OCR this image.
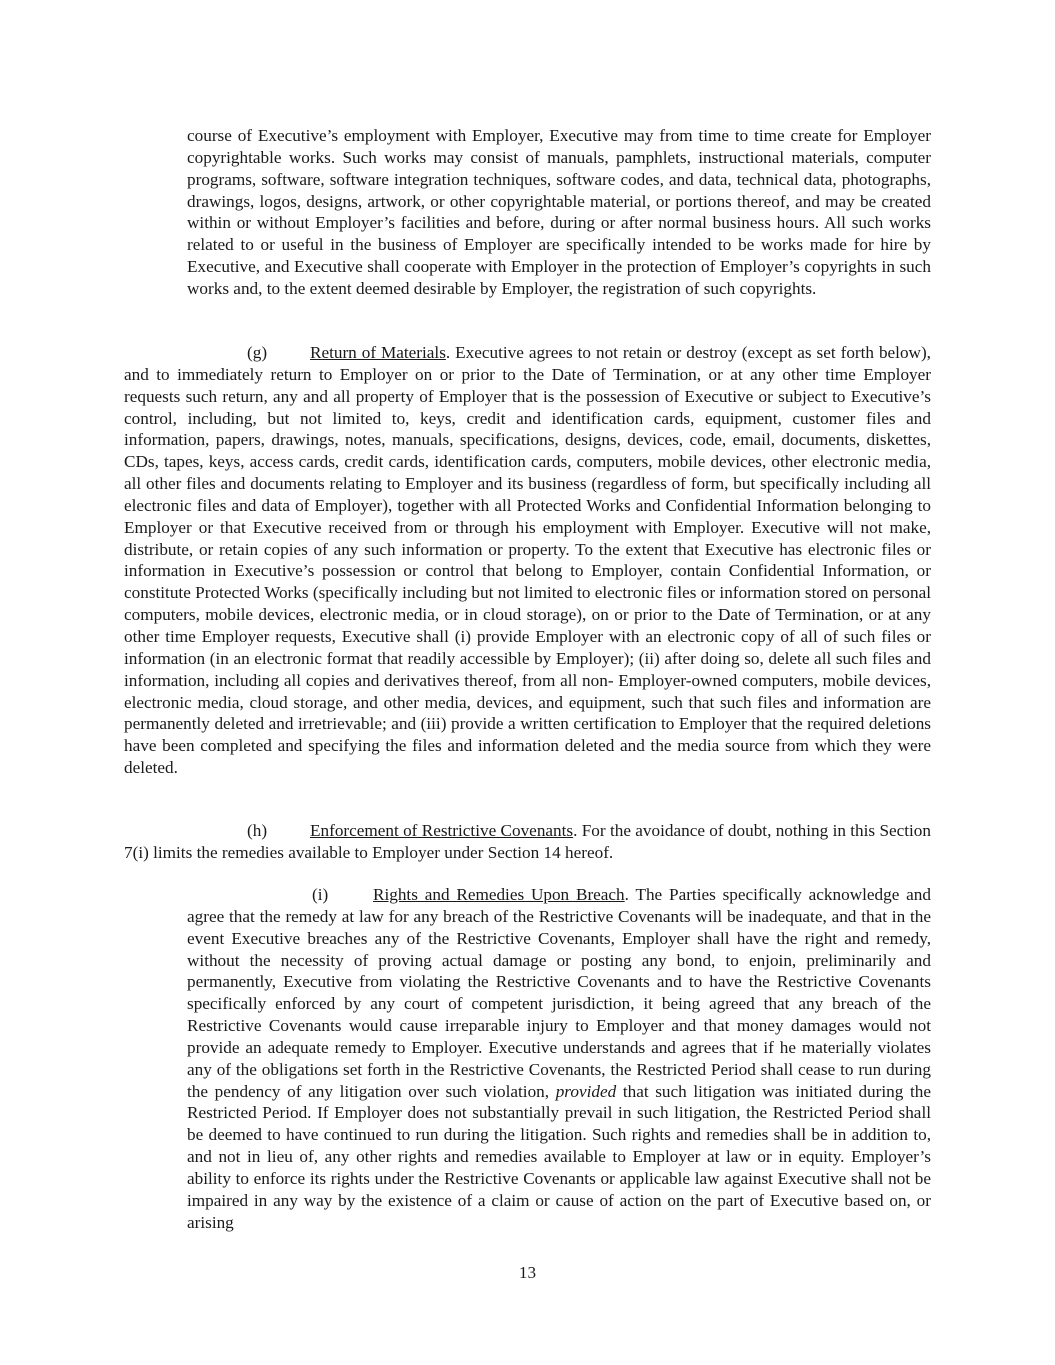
course of Executive’s employment with Employer, Executive may from time to time create for Employer copyrightable works. Such works may consist of manuals, pamphlets, instructional materials, computer programs, software, software integration techniques, software codes, and data, technical data, photographs, drawings, logos, designs, artwork, or other copyrightable material, or portions thereof, and may be created within or without Employer’s facilities and before, during or after normal business hours. All such works related to or useful in the business of Employer are specifically intended to be works made for hire by Executive, and Executive shall cooperate with Employer in the protection of Employer’s copyrights in such works and, to the extent deemed desirable by Employer, the registration of such copyrights.

(g) Return of Materials. Executive agrees to not retain or destroy (except as set forth below), and to immediately return to Employer on or prior to the Date of Termination, or at any other time Employer requests such return, any and all property of Employer that is the possession of Executive or subject to Executive’s control, including, but not limited to, keys, credit and identification cards, equipment, customer files and information, papers, drawings, notes, manuals, specifications, designs, devices, code, email, documents, diskettes, CDs, tapes, keys, access cards, credit cards, identification cards, computers, mobile devices, other electronic media, all other files and documents relating to Employer and its business (regardless of form, but specifically including all electronic files and data of Employer), together with all Protected Works and Confidential Information belonging to Employer or that Executive received from or through his employment with Employer. Executive will not make, distribute, or retain copies of any such information or property. To the extent that Executive has electronic files or information in Executive’s possession or control that belong to Employer, contain Confidential Information, or constitute Protected Works (specifically including but not limited to electronic files or information stored on personal computers, mobile devices, electronic media, or in cloud storage), on or prior to the Date of Termination, or at any other time Employer requests, Executive shall (i) provide Employer with an electronic copy of all of such files or information (in an electronic format that readily accessible by Employer); (ii) after doing so, delete all such files and information, including all copies and derivatives thereof, from all non- Employer-owned computers, mobile devices, electronic media, cloud storage, and other media, devices, and equipment, such that such files and information are permanently deleted and irretrievable; and (iii) provide a written certification to Employer that the required deletions have been completed and specifying the files and information deleted and the media source from which they were deleted.

(h) Enforcement of Restrictive Covenants. For the avoidance of doubt, nothing in this Section 7(i) limits the remedies available to Employer under Section 14 hereof.

(i)	Rights and Remedies Upon Breach. The Parties specifically acknowledge and agree that the remedy at law for any breach of the Restrictive Covenants will be inadequate, and that in the event Executive breaches any of the Restrictive Covenants, Employer shall have the right and remedy, without the necessity of proving actual damage or posting any bond, to enjoin, preliminarily and permanently, Executive from violating the Restrictive Covenants and to have the Restrictive Covenants specifically enforced by any court of competent jurisdiction, it being agreed that any breach of the Restrictive Covenants would cause irreparable injury to Employer and that money damages would not provide an adequate remedy to Employer. Executive understands and agrees that if he materially violates any of the obligations set forth in the Restrictive Covenants, the Restricted Period shall cease to run during the pendency of any litigation over such violation, provided that such litigation was initiated during the Restricted Period. If Employer does not substantially prevail in such litigation, the Restricted Period shall be deemed to have continued to run during the litigation. Such rights and remedies shall be in addition to, and not in lieu of, any other rights and remedies available to Employer at law or in equity. Employer’s ability to enforce its rights under the Restrictive Covenants or applicable law against Executive shall not be impaired in any way by the existence of a claim or cause of action on the part of Executive based on, or arising

13
